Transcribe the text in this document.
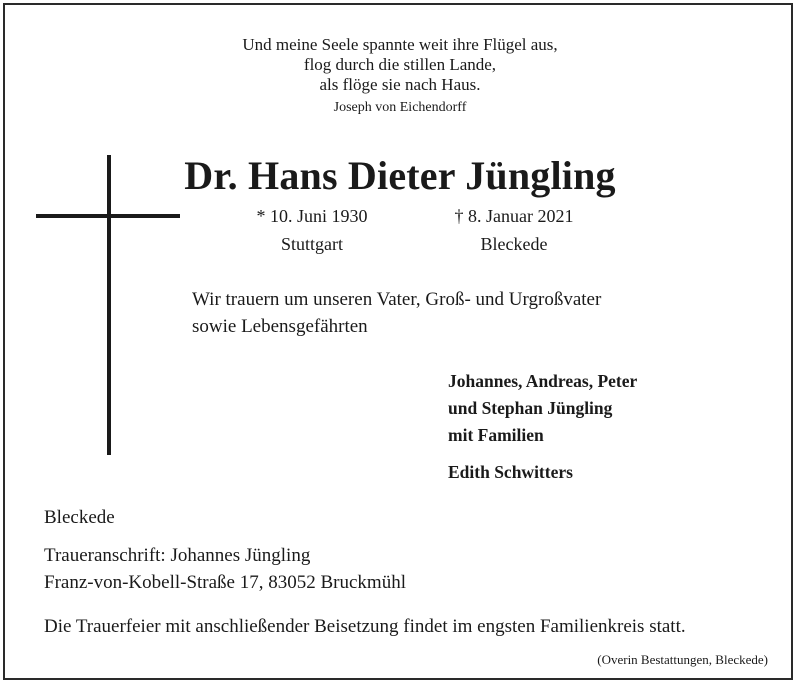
Und meine Seele spannte weit ihre Flügel aus,
flog durch die stillen Lande,
als flöge sie nach Haus.
Joseph von Eichendorff
Dr. Hans Dieter Jüngling
* 10. Juni 1930
Stuttgart
† 8. Januar 2021
Bleckede
Wir trauern um unseren Vater, Groß- und Urgroßvater
sowie Lebensgefährten
Johannes, Andreas, Peter
und Stephan Jüngling
mit Familien
Edith Schwitters
Bleckede
Traueranschrift: Johannes Jüngling
Franz-von-Kobell-Straße 17, 83052 Bruckmühl
Die Trauerfeier mit anschließender Beisetzung findet im engsten Familienkreis statt.
(Overin Bestattungen, Bleckede)
